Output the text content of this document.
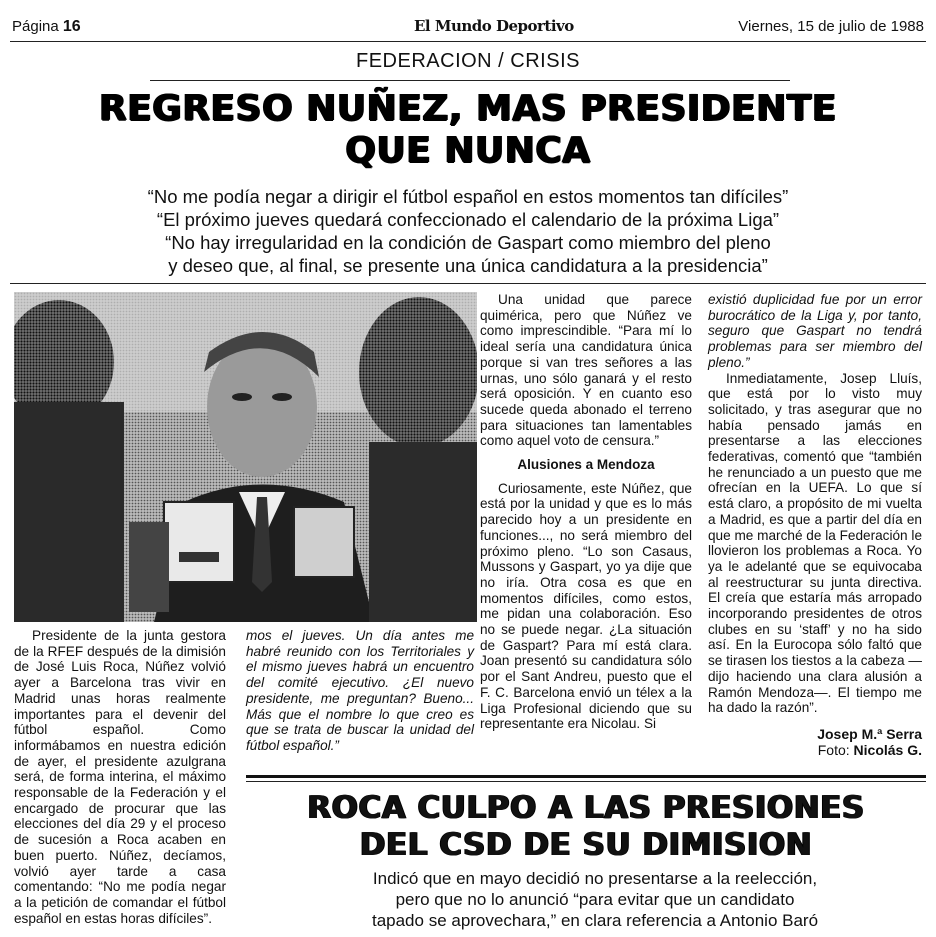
Página 16	El Mundo Deportivo	Viernes, 15 de julio de 1988
FEDERACION / CRISIS
REGRESO NUÑEZ, MAS PRESIDENTE
QUE NUNCA
“No me podía negar a dirigir el fútbol español en estos momentos tan difíciles”
“El próximo jueves quedará confeccionado el calendario de la próxima Liga”
“No hay irregularidad en la condición de Gaspart como miembro del pleno
y deseo que, al final, se presente una única candidatura a la presidencia”

Presidente de la junta gestora de la RFEF después de la dimisión de José Luis Roca, Núñez volvió ayer a Barcelona tras vivir en Madrid unas horas realmente importantes para el devenir del fútbol español. Como informábamos en nuestra edición de ayer, el presidente azulgrana será, de forma interina, el máximo responsable de la Federación y el encargado de procurar que las elecciones del día 29 y el proceso de sucesión a Roca acaben en buen puerto. Núñez, decíamos, volvió ayer tarde a casa comentando: “No me podía negar a la petición de comandar el fútbol español en estas horas difíciles”.

mos el jueves. Un día antes me habré reunido con los Territoriales y el mismo jueves habrá un encuentro del comité ejecutivo. ¿El nuevo presidente, me preguntan? Bueno... Más que el nombre lo que creo es que se trata de buscar la unidad del fútbol español.”

Una unidad que parece quimérica, pero que Núñez ve como imprescindible. “Para mí lo ideal sería una candidatura única porque si van tres señores a las urnas, uno sólo ganará y el resto será oposición. Y en cuanto eso sucede queda abonado el terreno para situaciones tan lamentables como aquel voto de censura.”

Alusiones a Mendoza

Curiosamente, este Núñez, que está por la unidad y que es lo más parecido hoy a un presidente en funciones..., no será miembro del próximo pleno. “Lo son Casaus, Mussons y Gaspart, yo ya dije que no iría. Otra cosa es que en momentos difíciles, como estos, me pidan una colaboración. Eso no se puede negar. ¿La situación de Gaspart? Para mí está clara. Joan presentó su candidatura sólo por el Sant Andreu, puesto que el F. C. Barcelona envió un télex a la Liga Profesional diciendo que su representante era Nicolau. Si

existió duplicidad fue por un error burocrático de la Liga y, por tanto, seguro que Gaspart no tendrá problemas para ser miembro del pleno.”

Inmediatamente, Josep Lluís, que está por lo visto muy solicitado, y tras asegurar que no había pensado jamás en presentarse a las elecciones federativas, comentó que “también he renunciado a un puesto que me ofrecían en la UEFA. Lo que sí está claro, a propósito de mi vuelta a Madrid, es que a partir del día en que me marché de la Federación le llovieron los problemas a Roca. Yo ya le adelanté que se equivocaba al reestructurar su junta directiva. El creía que estaría más arropado incorporando presidentes de otros clubes en su ‘staff’ y no ha sido así. En la Eurocopa sólo faltó que se tirasen los tiestos a la cabeza —dijo haciendo una clara alusión a Ramón Mendoza—. El tiempo me ha dado la razón”.

Josep M.ª Serra
Foto: Nicolás G.
ROCA CULPO A LAS PRESIONES
DEL CSD DE SU DIMISION
Indicó que en mayo decidió no presentarse a la reelección,
pero que no lo anunció “para evitar que un candidato
tapado se aprovechara,” en clara referencia a Antonio Baró
